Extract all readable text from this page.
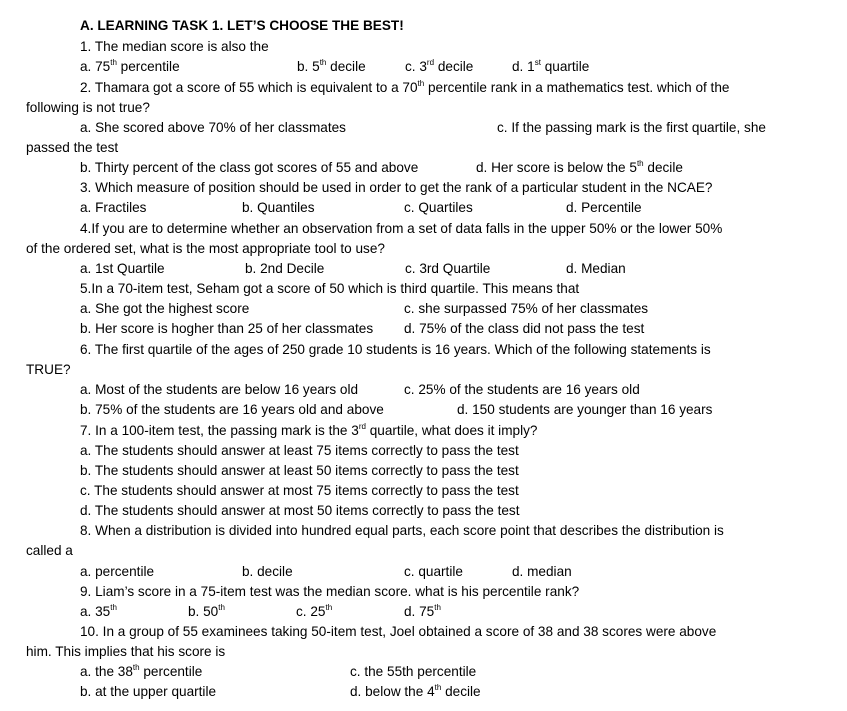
A. LEARNING TASK 1. LET’S CHOOSE THE BEST!
1. The median score is also the
a. 75th percentile	b. 5th decile	c. 3rd decile	d. 1st quartile
2. Thamara got a score of 55 which is equivalent to a 70th percentile rank in a mathematics test. which of the
following is not true?
a. She scored above 70% of her classmates	c. If the passing mark is the first quartile, she
passed the test
b. Thirty percent of the class got scores of 55 and above	d. Her score is below the 5th decile
3. Which measure of position should be used in order to get the rank of a particular student in the NCAE?
a. Fractiles	b. Quantiles	c. Quartiles	d. Percentile
4.If you are to determine whether an observation from a set of data falls in the upper 50% or the lower 50%
of the ordered set, what is the most appropriate tool to use?
a. 1st Quartile	b. 2nd Decile	c. 3rd Quartile	d. Median
5.In a 70-item test, Seham got a score of 50 which is third quartile. This means that
a. She got the highest score	c. she surpassed 75% of her classmates
b. Her score is hogher than 25 of her classmates d. 75% of the class did not pass the test
6. The first quartile of the ages of 250 grade 10 students is 16 years. Which of the following statements is
TRUE?
a. Most of the students are below 16 years old	c. 25% of the students are 16 years old
b. 75% of the students are 16 years old and above	d. 150 students are younger than 16 years
7. In a 100-item test, the passing mark is the 3rd quartile, what does it imply?
a. The students should answer at least 75 items correctly to pass the test
b. The students should answer at least 50 items correctly to pass the test
c. The students should answer at most 75 items correctly to pass the test
d. The students should answer at most 50 items correctly to pass the test
8. When a distribution is divided into hundred equal parts, each score point that describes the distribution is
called a
a. percentile	b. decile	c. quartile	d. median
9. Liam’s score in a 75-item test was the median score. what is his percentile rank?
a. 35th	b. 50th	c. 25th	d. 75th
10. In a group of 55 examinees taking 50-item test, Joel obtained a score of 38 and 38 scores were above
him. This implies that his score is
a. the 38th percentile	c. the 55th percentile
b. at the upper quartile	d. below the 4th decile
